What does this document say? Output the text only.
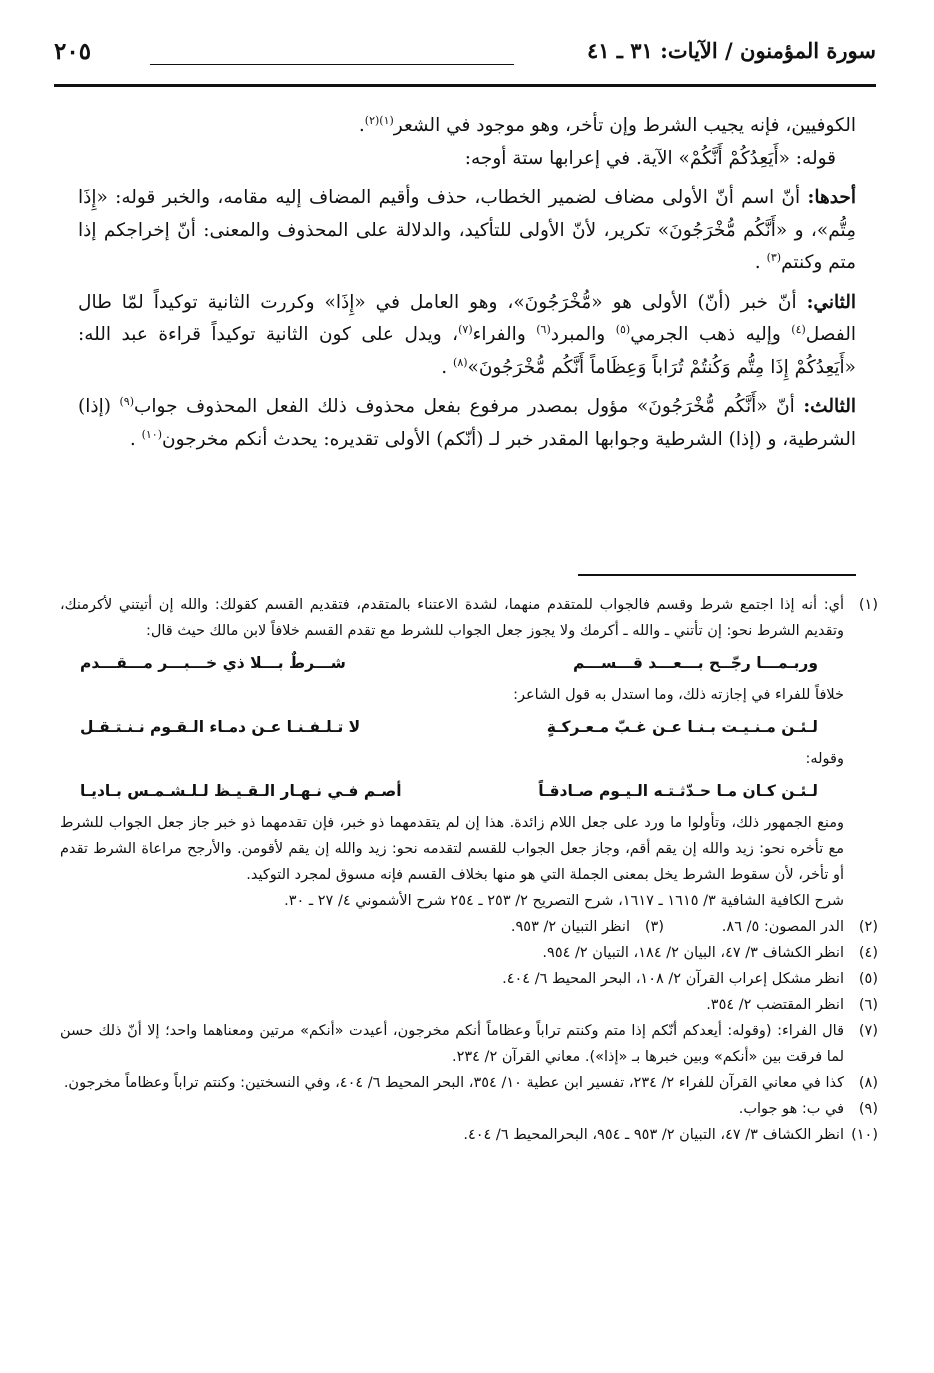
سورة المؤمنون / الآيات: ٣١ ـ ٤١
٢٠٥

الكوفيين، فإنه يجيب الشرط وإن تأخر، وهو موجود في الشعر$^{(١)(٢)}$.

قوله: «أَيَعِدُكُمْ أَنَّكُمْ» الآية. في إعرابها ستة أوجه:

أحدها: أنّ اسم أنّ الأولى مضاف لضمير الخطاب، حذف وأقيم المضاف إليه مقامه، والخبر قوله: «إِذَا مِتُّم»، و «أَنَّكُم مُّخْرَجُونَ» تكرير، لأنّ الأولى للتأكيد، والدلالة على المحذوف والمعنى: أنّ إخراجكم إذا متم وكنتم$^{(٣)}$ .

الثاني: أنّ خبر (أنّ) الأولى هو «مُّخْرَجُونَ»، وهو العامل في «إِذَا» وكررت الثانية توكيداً لمّا طال الفصل$^{(٤)}$ وإليه ذهب الجرمي$^{(٥)}$ والمبرد$^{(٦)}$ والفراء$^{(٧)}$، ويدل على كون الثانية توكيداً قراءة عبد الله: «أَيَعِدُكُمْ إِذَا مِتُّم وَكُنتُمْ تُرَاباً وَعِظَاماً أَنَّكُم مُّخْرَجُونَ»$^{(٨)}$ .

الثالث: أنّ «أَنَّكُم مُّخْرَجُونَ» مؤول بمصدر مرفوع بفعل محذوف ذلك الفعل المحذوف جواب$^{(٩)}$ (إذا) الشرطية، و (إذا) الشرطية وجوابها المقدر خبر لـ (أنّكم) الأولى تقديره: يحدث أنكم مخرجون$^{(١٠)}$ .

(١)
أي: أنه إذا اجتمع شرط وقسم فالجواب للمتقدم منهما، لشدة الاعتناء بالمتقدم، فتقديم القسم كقولك: والله إن أتيتني لأكرمنك، وتقديم الشرط نحو: إن تأتني ـ والله ـ أكرمك ولا يجوز جعل الجواب للشرط مع تقدم القسم خلافاً لابن مالك حيث قال:
وربـمـــا رجّــح بـــعـــد قـــســـم
شـــرطٌ بـــلا ذي خـــبـــر مـــقـــدم
خلافاً للفراء في إجازته ذلك، وما استدل به قول الشاعر:
لـئـن مـنـيـت بـنـا عـن غـبّ مـعـركـةٍ
لا تـلـفـنـا عـن دمـاء الـقـوم نـنـتـقـل
وقوله:
لـئـن كـان مـا حـدّثـتـه الـيـوم صـادقـاً
أصـم فـي نـهـار الـقـيـظ لـلـشـمـس بـاديـا
ومنع الجمهور ذلك، وتأولوا ما ورد على جعل اللام زائدة. هذا إن لم يتقدمهما ذو خبر، فإن تقدمهما ذو خبر جاز جعل الجواب للشرط مع تأخره نحو: زيد والله إن يقم أقم، وجاز جعل الجواب للقسم لتقدمه نحو: زيد والله إن يقم لأقومن. والأرجح مراعاة الشرط تقدم أو تأخر، لأن سقوط الشرط يخل بمعنى الجملة التي هو منها بخلاف القسم فإنه مسوق لمجرد التوكيد.
شرح الكافية الشافية ٣/ ١٦١٥ ـ ١٦١٧، شرح التصريح ٢/ ٢٥٣ ـ ٢٥٤ شرح الأشموني ٤/ ٢٧ ـ ٣٠.
(٢)
الدر المصون: ٥/ ٨٦.
(٣)
انظر التبيان ٢/ ٩٥٣.
(٤)
انظر الكشاف ٣/ ٤٧، البيان ٢/ ١٨٤، التبيان ٢/ ٩٥٤.
(٥)
انظر مشكل إعراب القرآن ٢/ ١٠٨، البحر المحيط ٦/ ٤٠٤.
(٦)
انظر المقتضب ٢/ ٣٥٤.
(٧)
قال الفراء: (وقوله: أيعدكم أنّكم إذا متم وكنتم تراباً وعظاماً أنكم مخرجون، أعيدت «أنكم» مرتين ومعناهما واحد؛ إلا أنّ ذلك حسن لما فرقت بين «أنكم» وبين خبرها بـ «إذا»). معاني القرآن ٢/ ٢٣٤.
(٨)
كذا في معاني القرآن للفراء ٢/ ٢٣٤، تفسير ابن عطية ١٠/ ٣٥٤، البحر المحيط ٦/ ٤٠٤، وفي النسختين: وكنتم تراباً وعظاماً مخرجون.
(٩)
في ب: هو جواب.
(١٠)
انظر الكشاف ٣/ ٤٧، التبيان ٢/ ٩٥٣ ـ ٩٥٤، البحرالمحيط ٦/ ٤٠٤.
